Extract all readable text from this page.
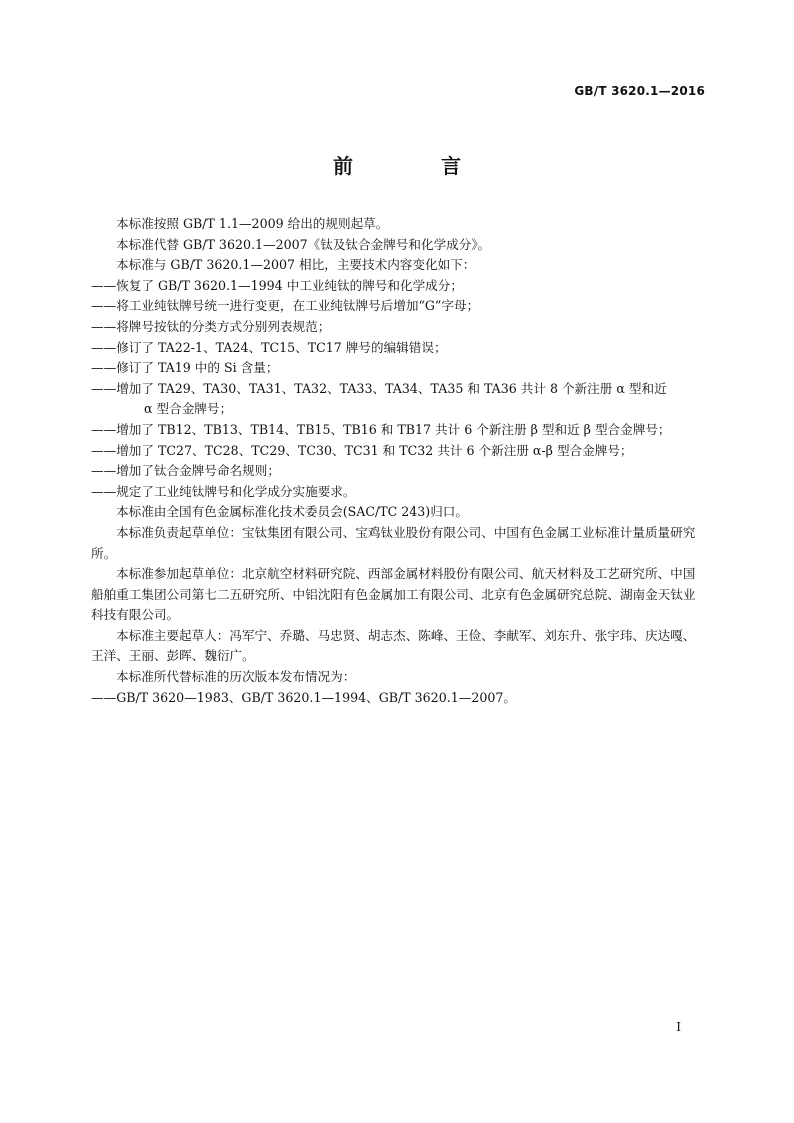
GB/T 3620.1—2016
前　言

本标准按照 GB/T 1.1—2009 给出的规则起草。

本标准代替 GB/T 3620.1—2007《钛及钛合金牌号和化学成分》。

本标准与 GB/T 3620.1—2007 相比，主要技术内容变化如下：

——恢复了 GB/T 3620.1—1994 中工业纯钛的牌号和化学成分；
——将工业纯钛牌号统一进行变更，在工业纯钛牌号后增加“G”字母；
——将牌号按钛的分类方式分别列表规范；
——修订了 TA22-1、TA24、TC15、TC17 牌号的编辑错误；
——修订了 TA19 中的 Si 含量；
——增加了 TA29、TA30、TA31、TA32、TA33、TA34、TA35 和 TA36 共计 8 个新注册 α 型和近
α 型合金牌号；
——增加了 TB12、TB13、TB14、TB15、TB16 和 TB17 共计 6 个新注册 β 型和近 β 型合金牌号；
——增加了 TC27、TC28、TC29、TC30、TC31 和 TC32 共计 6 个新注册 α-β 型合金牌号；
——增加了钛合金牌号命名规则；
——规定了工业纯钛牌号和化学成分实施要求。

本标准由全国有色金属标准化技术委员会(SAC/TC 243)归口。

本标准负责起草单位：宝钛集团有限公司、宝鸡钛业股份有限公司、中国有色金属工业标准计量质量研究所。

本标准参加起草单位：北京航空材料研究院、西部金属材料股份有限公司、航天材料及工艺研究所、中国船舶重工集团公司第七二五研究所、中铝沈阳有色金属加工有限公司、北京有色金属研究总院、湖南金天钛业科技有限公司。

本标准主要起草人：冯军宁、乔璐、马忠贤、胡志杰、陈峰、王俭、李献军、刘东升、张宇玮、庆达嘎、王洋、王丽、彭晖、魏衍广。

本标准所代替标准的历次版本发布情况为：

——GB/T 3620—1983、GB/T 3620.1—1994、GB/T 3620.1—2007。
I
